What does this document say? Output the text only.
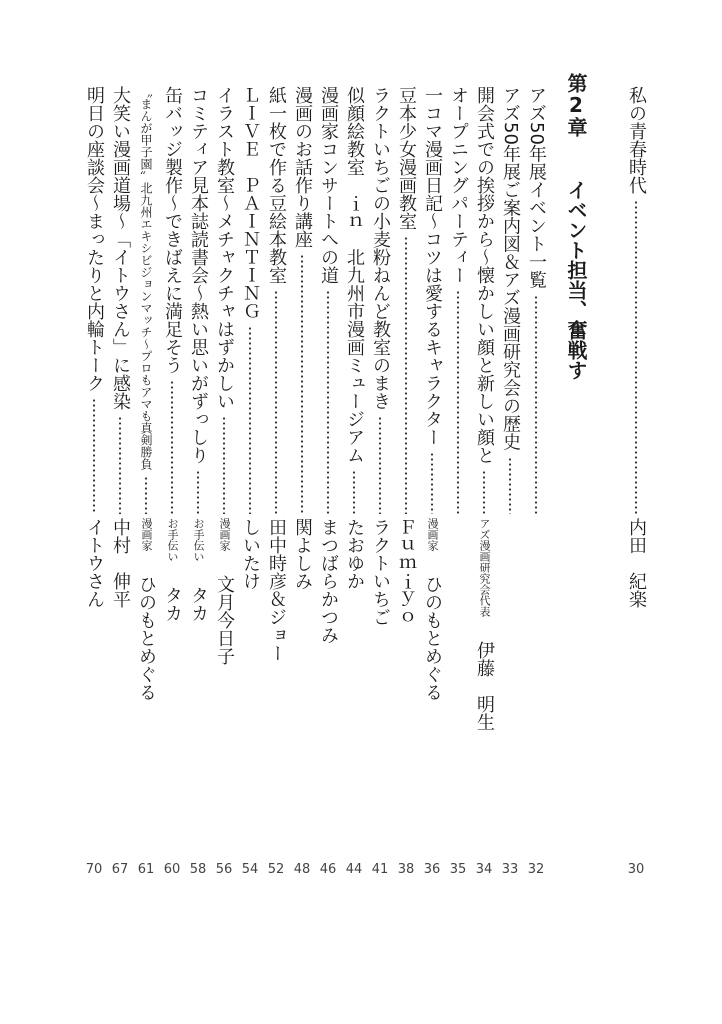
第2章 イベント担当、奮戦す
私の青春時代
内田　紀楽
30
アズ50年展イベント一覧
32
アズ50年展ご案内図＆アズ漫画研究会の歴史
33
開会式での挨拶から～懐かしい顔と新しい顔と
アズ漫画研究会代表伊藤　明生
34
オープニングパーティー
35
一コマ漫画日記～コツは愛するキャラクター
漫画家ひのもとめぐる
36
豆本少女漫画教室
Ｆｕｍｉｙｏ
38
ラクトいちごの小麦粉ねんど教室のまき
ラクトいちご
41
似顔絵教室　ｉｎ　北九州市漫画ミュージアム
たおゆか
44
漫画家コンサートへの道
まつばらかつみ
46
漫画のお話作り講座
関よしみ
48
紙一枚で作る豆絵本教室
田中時彦＆ジョー
52
ＬＩＶＥ　ＰＡＩＮＴＩＮＧ
しいたけ
54
イラスト教室～メチャクチャはずかしい
漫画家文月今日子
56
コミティア見本誌読書会～熱い思いがずっしり
お手伝いタカ
58
缶バッジ製作～できばえに満足そう
お手伝いタカ
60
〝まんが甲子園〟北九州エキシビジョンマッチ～プロもアマも真剣勝負
漫画家ひのもとめぐる
61
大笑い漫画道場～「イトウさん」に感染
中村　伸平
67
明日の座談会～まったりと内輪トーク
イトウさん
70
